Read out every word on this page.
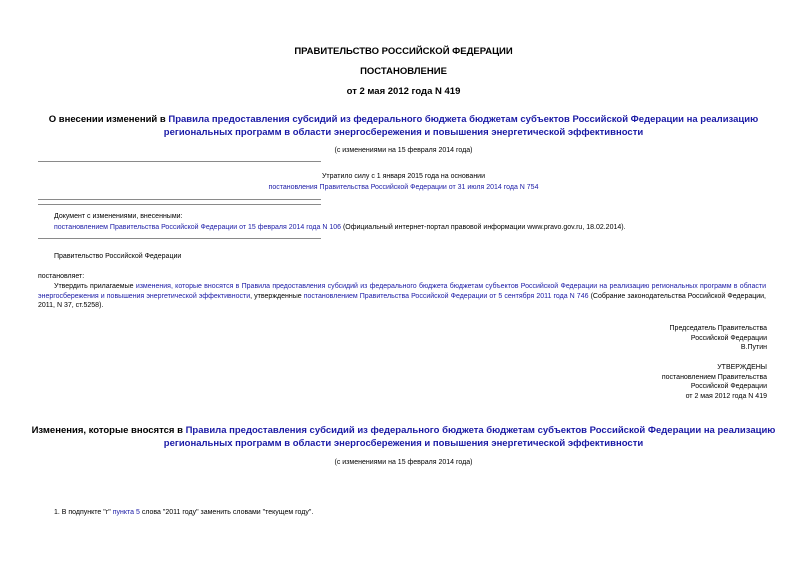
ПРАВИТЕЛЬСТВО РОССИЙСКОЙ ФЕДЕРАЦИИ
ПОСТАНОВЛЕНИЕ
от 2 мая 2012 года N 419
О внесении изменений в Правила предоставления субсидий из федерального бюджета бюджетам субъектов Российской Федерации на реализацию
региональных программ в области энергосбережения и повышения энергетической эффективности
(с изменениями на 15 февраля 2014 года)
Утратило силу с 1 января 2015 года на основании
постановления Правительства Российской Федерации от 31 июля 2014 года N 754
Документ с изменениями, внесенными:
постановлением Правительства Российской Федерации от 15 февраля 2014 года N 106 (Официальный интернет-портал правовой информации www.pravo.gov.ru, 18.02.2014).
Правительство Российской Федерации
постановляет:
Утвердить прилагаемые изменения, которые вносятся в Правила предоставления субсидий из федерального бюджета бюджетам субъектов Российской Федерации на реализацию региональных программ в области энергосбережения и повышения энергетической эффективности, утвержденные постановлением Правительства Российской Федерации от 5 сентября 2011 года N 746 (Собрание законодательства Российской Федерации, 2011, N 37, ст.5258).
Председатель Правительства
Российской Федерации
В.Путин
УТВЕРЖДЕНЫ
постановлением Правительства
Российской Федерации
от 2 мая 2012 года N 419
Изменения, которые вносятся в Правила предоставления субсидий из федерального бюджета бюджетам субъектов Российской Федерации на реализацию
региональных программ в области энергосбережения и повышения энергетической эффективности
(с изменениями на 15 февраля 2014 года)
1. В подпункте "г" пункта 5 слова "2011 году" заменить словами "текущем году".
